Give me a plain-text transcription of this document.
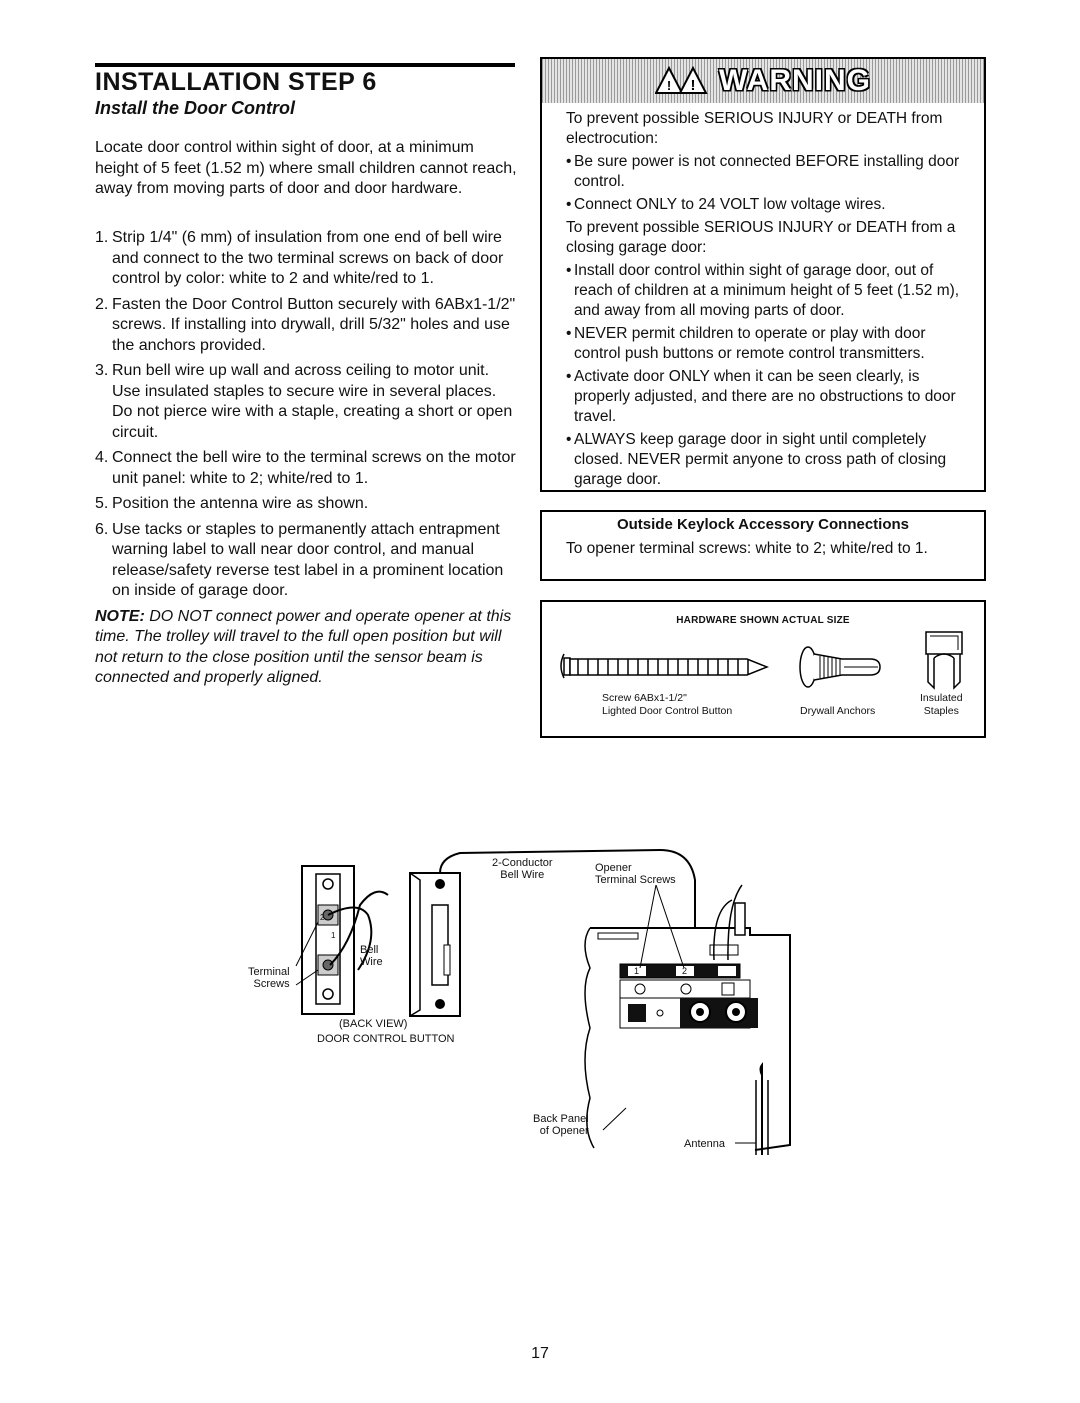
INSTALLATION STEP 6
Install the Door Control
Locate door control within sight of door, at a minimum height of 5 feet (1.52 m) where small children cannot reach, away from moving parts of door and door hardware.
1. Strip 1/4" (6 mm) of insulation from one end of bell wire and connect to the two terminal screws on back of door control by color: white to 2 and white/red to 1.
2. Fasten the Door Control Button securely with 6ABx1-1/2" screws. If installing into drywall, drill 5/32" holes and use the anchors provided.
3. Run bell wire up wall and across ceiling to motor unit. Use insulated staples to secure wire in several places. Do not pierce wire with a staple, creating a short or open circuit.
4. Connect the bell wire to the terminal screws on the motor unit panel: white to 2; white/red to 1.
5. Position the antenna wire as shown.
6. Use tacks or staples to permanently attach entrapment warning label to wall near door control, and manual release/safety reverse test label in a prominent location on inside of garage door.
NOTE: DO NOT connect power and operate opener at this time. The trolley will travel to the full open position but will not return to the close position until the sensor beam is connected and properly aligned.
! ! WARNING

To prevent possible SERIOUS INJURY or DEATH from electrocution:

• Be sure power is not connected BEFORE installing door control.
• Connect ONLY to 24 VOLT low voltage wires.

To prevent possible SERIOUS INJURY or DEATH from a closing garage door:

• Install door control within sight of garage door, out of reach of children at a minimum height of 5 feet (1.52 m), and away from all moving parts of door.
• NEVER permit children to operate or play with door control push buttons or remote control transmitters.
• Activate door ONLY when it can be seen clearly, is properly adjusted, and there are no obstructions to door travel.
• ALWAYS keep garage door in sight until completely closed. NEVER permit anyone to cross path of closing garage door.
Outside Keylock Accessory Connections
To opener terminal screws: white to 2; white/red to 1.
HARDWARE SHOWN ACTUAL SIZE
Screw 6ABx1-1/2"
Lighted Door Control Button	Drywall Anchors
Insulated
Staples
Terminal
Screws
Bell
Wire
(BACK VIEW)
DOOR CONTROL BUTTON
2-Conductor
Bell Wire
Opener
Terminal Screws
Back Panel
of Opener
Antenna
1	2
1
2
17
